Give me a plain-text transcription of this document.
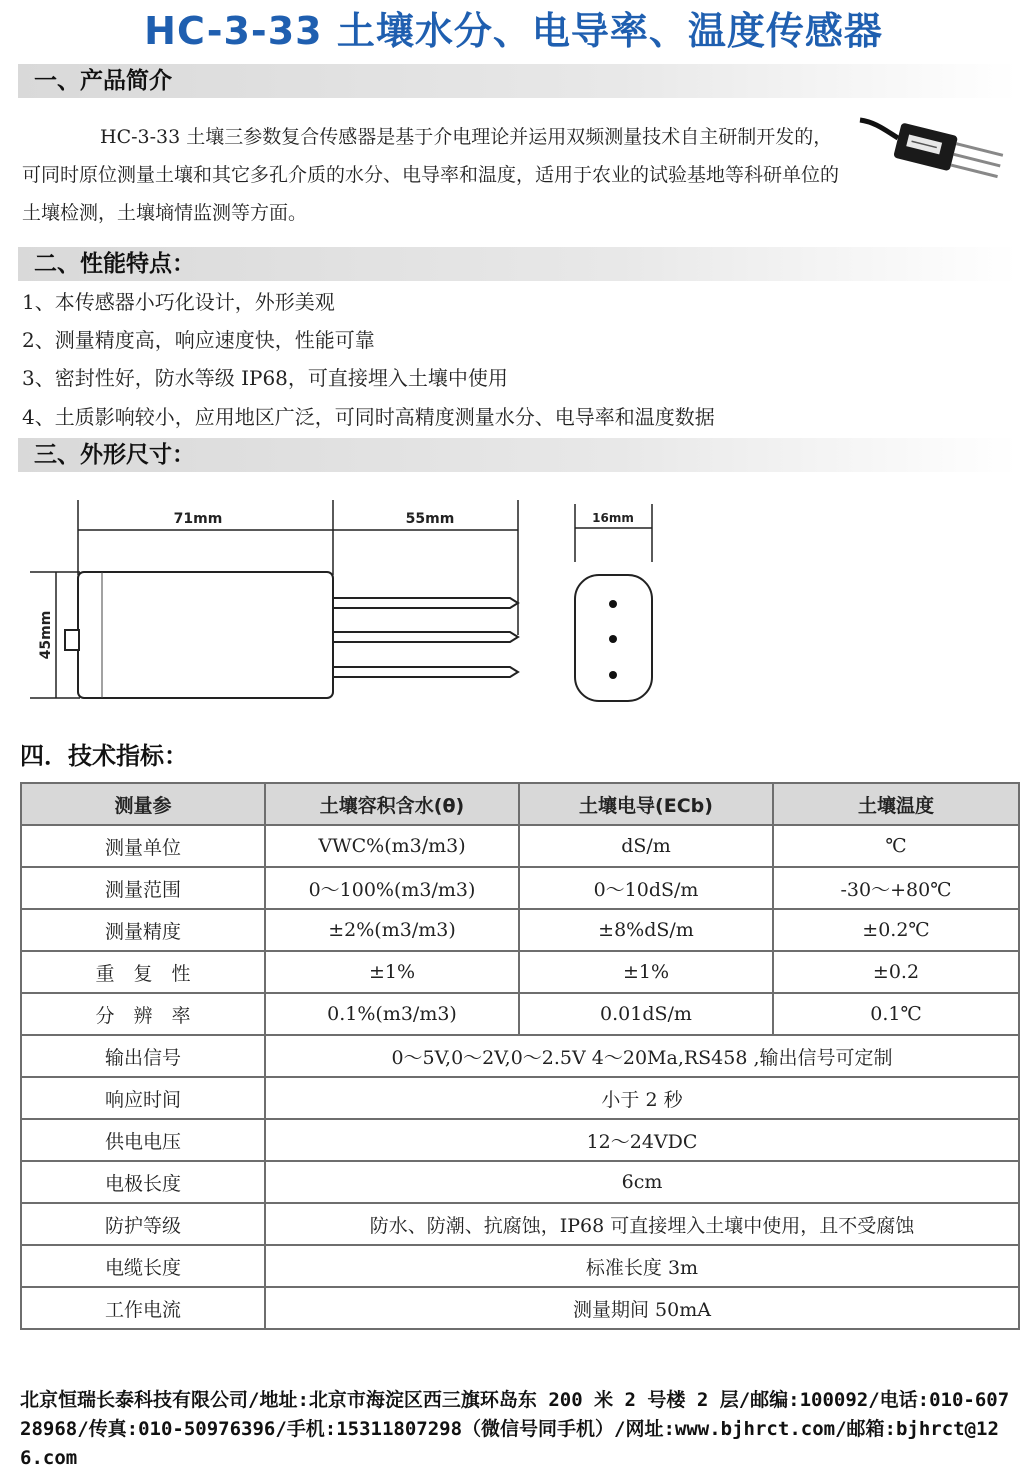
HC-3-33 土壤水分、电导率、温度传感器
一、产品简介

HC-3-33 土壤三参数复合传感器是基于介电理论并运用双频测量技术自主研制开发的，可同时原位测量土壤和其它多孔介质的水分、电导率和温度，适用于农业的试验基地等科研单位的土壤检测，土壤墒情监测等方面。

二、性能特点：
1、本传感器小巧化设计，外形美观
2、测量精度高，响应速度快，性能可靠
3、密封性好，防水等级 IP68，可直接埋入土壤中使用
4、土质影响较小，应用地区广泛，可同时高精度测量水分、电导率和温度数据
三、外形尺寸：
71mm	55mm
45mm
16mm
四．技术指标：
测量参	土壤容积含水(θ)	土壤电导(ECb)	土壤温度
测量单位	VWC%(m3/m3)	dS/m	℃
测量范围	0～100%(m3/m3)	0～10dS/m	-30～+80℃
测量精度	±2%(m3/m3)	±8%dS/m	±0.2℃
重　复　性	±1%	±1%	±0.2
分　辨　率	0.1%(m3/m3)	0.01dS/m	0.1℃
输出信号	0～5V,0～2V,0～2.5V 4～20Ma,RS458 ,输出信号可定制		
响应时间	小于 2 秒		
供电电压	12～24VDC		
电极长度	6cm		
防护等级	防水、防潮、抗腐蚀，IP68 可直接埋入土壤中使用，且不受腐蚀		
电缆长度	标准长度 3m		
工作电流	测量期间 50mA		
北京恒瑞长泰科技有限公司/地址:北京市海淀区西三旗环岛东 200 米 2 号楼 2 层/邮编:100092/电话:010-60728968/传真:010-50976396/手机:15311807298（微信号同手机）/网址:www.bjhrct.com/邮箱:bjhrct@126.com
